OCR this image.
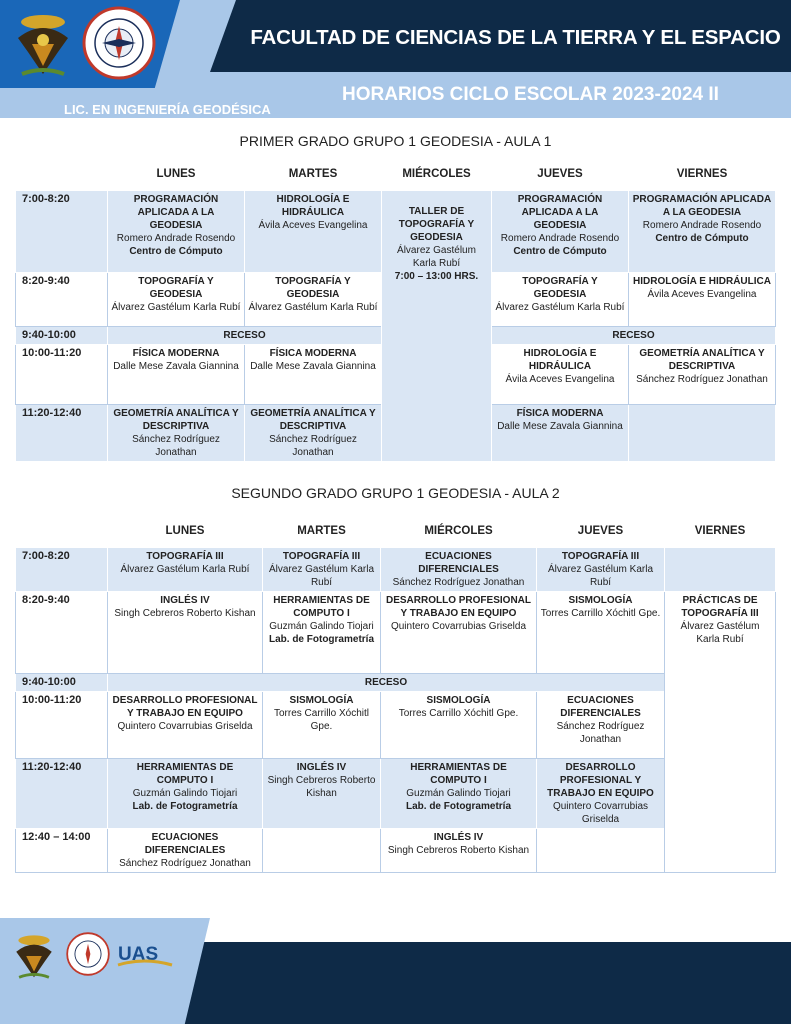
FACULTAD DE CIENCIAS DE LA TIERRA Y EL ESPACIO
HORARIOS CICLO ESCOLAR 2023-2024 II
LIC. EN INGENIERÍA GEODÉSICA
PRIMER GRADO GRUPO 1 GEODESIA - AULA 1
	LUNES	MARTES	MIÉRCOLES	JUEVES	VIERNES
7:00-8:20	PROGRAMACIÓN APLICADA A LA GEODESIA
Romero Andrade Rosendo
Centro de Cómputo	HIDROLOGÍA E HIDRÁULICA
Ávila Aceves Evangelina	TALLER DE TOPOGRAFÍA Y GEODESIA
Álvarez Gastélum Karla Rubí
7:00 – 13:00 HRS.	PROGRAMACIÓN APLICADA A LA GEODESIA
Romero Andrade Rosendo
Centro de Cómputo	PROGRAMACIÓN APLICADA A LA GEODESIA
Romero Andrade Rosendo
Centro de Cómputo

8:20-9:40	TOPOGRAFÍA Y GEODESIA
Álvarez Gastélum Karla Rubí	TOPOGRAFÍA Y GEODESIA
Álvarez Gastélum Karla Rubí		TOPOGRAFÍA Y GEODESIA
Álvarez Gastélum Karla Rubí	HIDROLOGÍA E HIDRÁULICA
Ávila Aceves Evangelina

9:40-10:00	RECESO			RECESO	
10:00-11:20	FÍSICA MODERNA
Dalle Mese Zavala Giannina	FÍSICA MODERNA
Dalle Mese Zavala Giannina		HIDROLOGÍA E HIDRÁULICA
Ávila Aceves Evangelina	GEOMETRÍA ANALÍTICA Y DESCRIPTIVA
Sánchez Rodríguez Jonathan

11:20-12:40	GEOMETRÍA ANALÍTICA Y DESCRIPTIVA
Sánchez Rodríguez Jonathan	GEOMETRÍA ANALÍTICA Y DESCRIPTIVA
Sánchez Rodríguez Jonathan		FÍSICA MODERNA
Dalle Mese Zavala Giannina	

SEGUNDO GRADO GRUPO 1 GEODESIA - AULA 2
	LUNES	MARTES	MIÉRCOLES	JUEVES	VIERNES
7:00-8:20	TOPOGRAFÍA III
Álvarez Gastélum Karla Rubí	TOPOGRAFÍA III
Álvarez Gastélum Karla Rubí	ECUACIONES DIFERENCIALES
Sánchez Rodríguez Jonathan	TOPOGRAFÍA III
Álvarez Gastélum Karla Rubí	

8:20-9:40	INGLÉS IV
Singh Cebreros Roberto Kishan	HERRAMIENTAS DE COMPUTO I
Guzmán Galindo Tiojari
Lab. de Fotogrametría	DESARROLLO PROFESIONAL Y TRABAJO EN EQUIPO
Quintero Covarrubias Griselda	SISMOLOGÍA
Torres Carrillo Xóchitl Gpe.	PRÁCTICAS DE TOPOGRAFÍA III
Álvarez Gastélum Karla Rubí

9:40-10:00	RECESO				
10:00-11:20	DESARROLLO PROFESIONAL Y TRABAJO EN EQUIPO
Quintero Covarrubias Griselda	SISMOLOGÍA
Torres Carrillo Xóchitl Gpe.	SISMOLOGÍA
Torres Carrillo Xóchitl Gpe.	ECUACIONES DIFERENCIALES
Sánchez Rodríguez Jonathan	

11:20-12:40	HERRAMIENTAS DE COMPUTO I
Guzmán Galindo Tiojari
Lab. de Fotogrametría	INGLÉS IV
Singh Cebreros Roberto Kishan	HERRAMIENTAS DE COMPUTO I
Guzmán Galindo Tiojari
Lab. de Fotogrametría	DESARROLLO PROFESIONAL Y TRABAJO EN EQUIPO
Quintero Covarrubias Griselda	

12:40 – 14:00	ECUACIONES DIFERENCIALES
Sánchez Rodríguez Jonathan		INGLÉS IV
Singh Cebreros Roberto Kishan		

UAS
